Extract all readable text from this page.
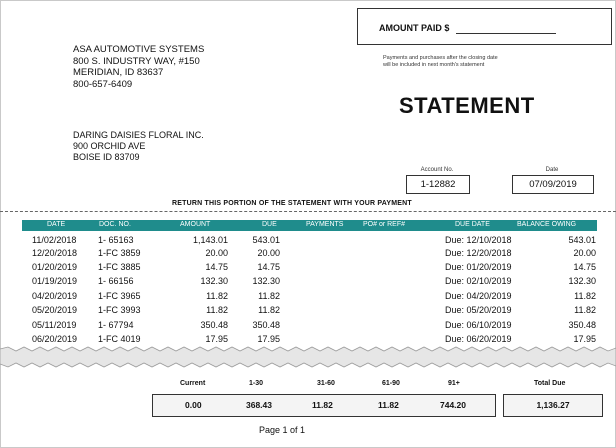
AMOUNT PAID $
Payments and purchases after the closing date
will be included in next month's statement
ASA AUTOMOTIVE SYSTEMS
800 S. INDUSTRY WAY, #150
MERIDIAN, ID 83637
800-657-6409
STATEMENT
DARING DAISIES FLORAL INC.
900 ORCHID AVE
BOISE ID 83709
Account No.
1-12882
Date
07/09/2019
RETURN THIS PORTION OF THE STATEMENT WITH YOUR PAYMENT
DATE	DOC. NO.	AMOUNT	DUE	PAYMENTS	PO# or REF#	DUE DATE	BALANCE OWING
11/02/2018 1- 65163	1,143.01	543.01	Due: 12/10/2018	543.01
12/20/2018 1-FC 3859	20.00	20.00	Due: 12/20/2018	20.00
01/20/2019 1-FC 3885	14.75	14.75	Due: 01/20/2019	14.75
01/19/2019 1- 66156	132.30	132.30	Due: 02/10/2019	132.30
04/20/2019 1-FC 3965	11.82	11.82	Due: 04/20/2019	11.82
05/20/2019 1-FC 3993	11.82	11.82	Due: 05/20/2019	11.82
05/11/2019 1- 67794	350.48	350.48	Due: 06/10/2019	350.48
06/20/2019 1-FC 4019	17.95	17.95	Due: 06/20/2019	17.95
Current	1-30	31-60	61-90	91+	Total Due
0.00	368.43	11.82	11.82	744.20	1,136.27
Page 1 of 1
